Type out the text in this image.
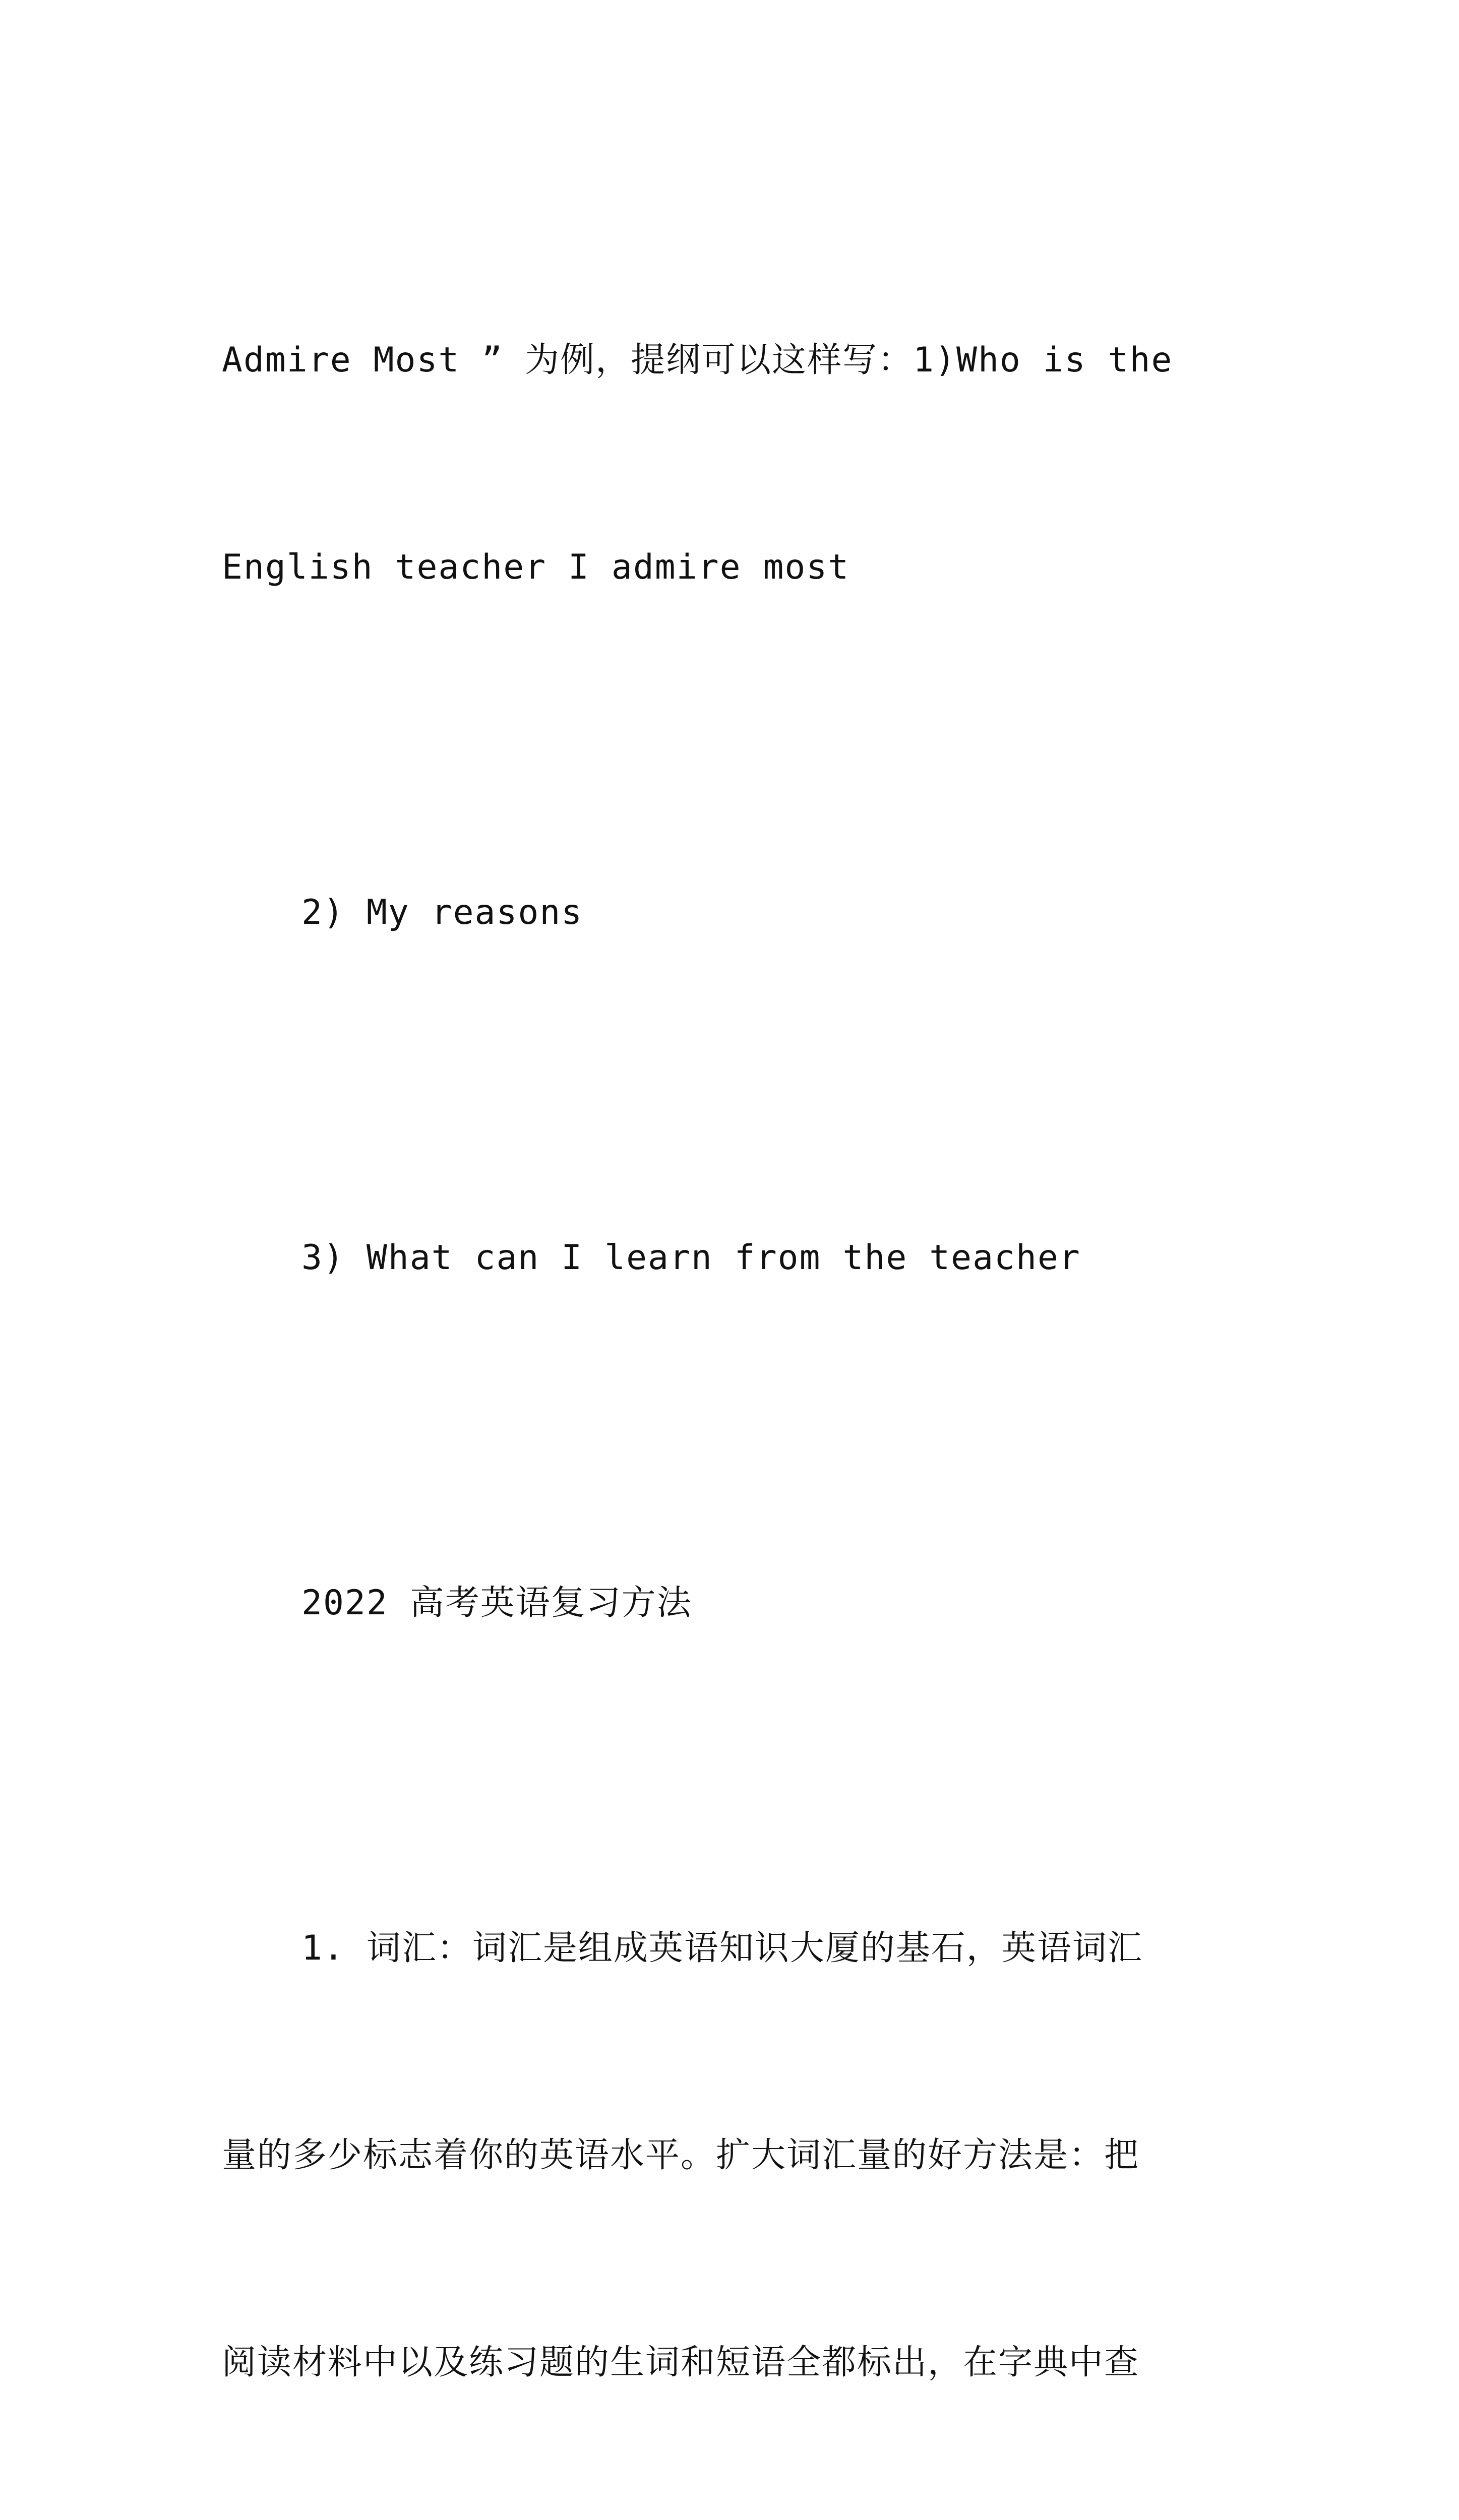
Admire Most ” 为例，提纲可以这样写：1)Who is the

English teacher I admire most

2) My reasons

3) What can I learn from the teacher

2022 高考英语复习方法

1. 词汇：词汇是组成英语知识大厦的基石，英语词汇

量的多少标志着你的英语水平。扩大词汇量的好方法是：把

阅读材料中以及练习题的生词和短语全都标出，在字典中查
